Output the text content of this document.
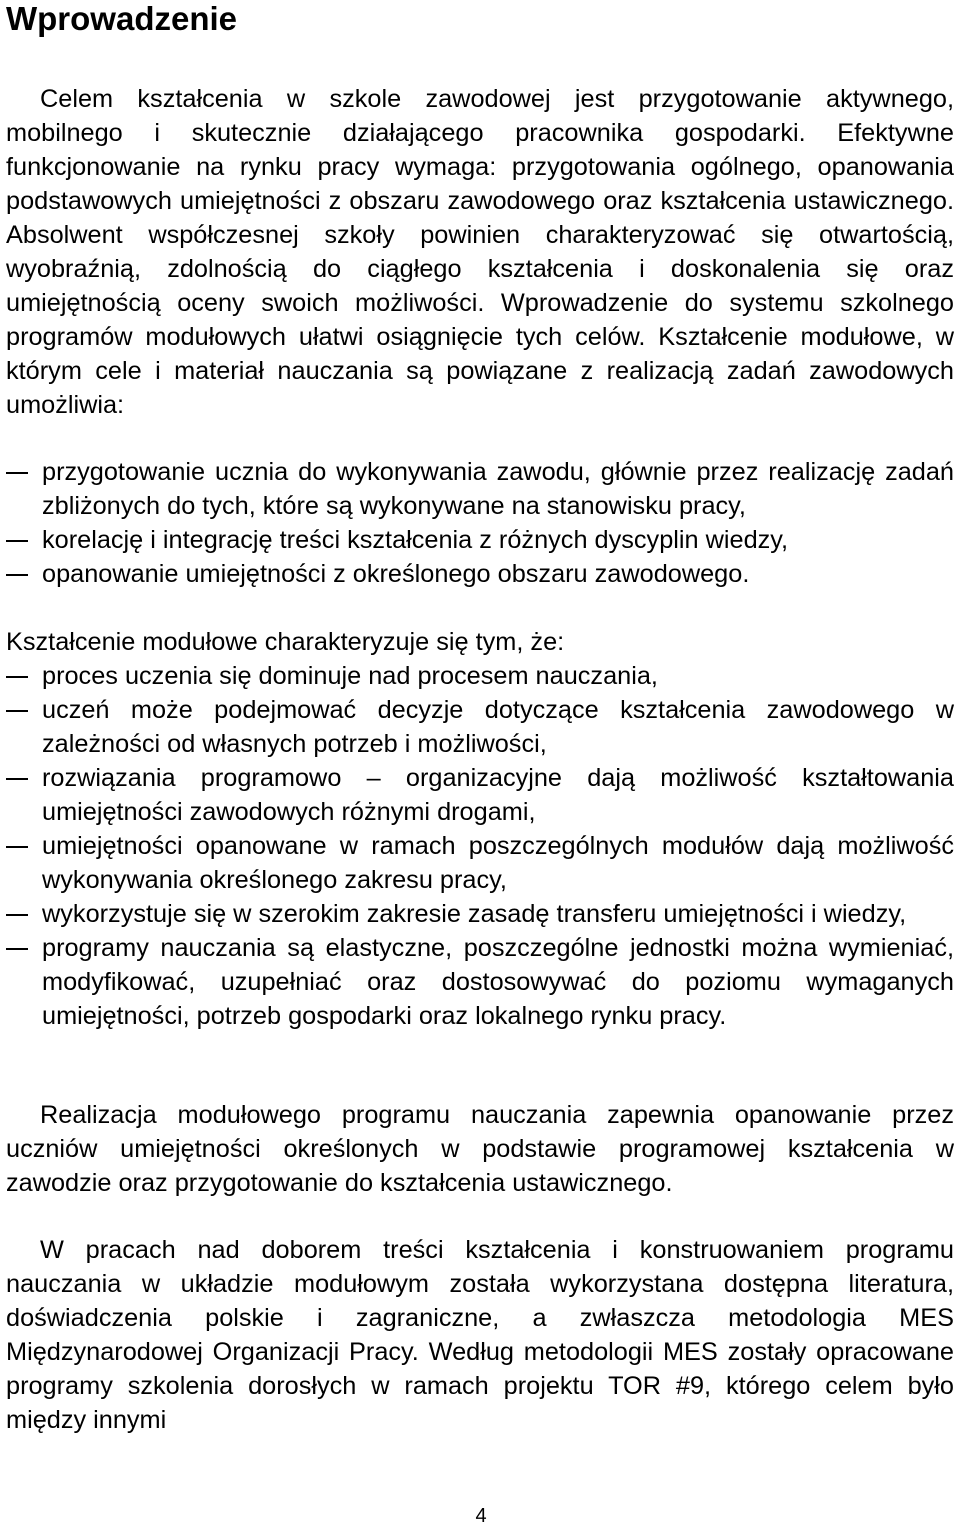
Wprowadzenie

Celem kształcenia w szkole zawodowej jest przygotowanie aktywnego, mobilnego i skutecznie działającego pracownika gospodarki. Efektywne funkcjonowanie na rynku pracy wymaga: przygotowania ogólnego, opanowania podstawowych umiejętności z obszaru zawodowego oraz kształcenia ustawicznego. Absolwent współczesnej szkoły powinien charakteryzować się otwartością, wyobraźnią, zdolnością do ciągłego kształcenia i doskonalenia się oraz umiejętnością oceny swoich możliwości. Wprowadzenie do systemu szkolnego programów modułowych ułatwi osiągnięcie tych celów. Kształcenie modułowe, w którym cele i materiał nauczania są powiązane z realizacją zadań zawodowych umożliwia:

przygotowanie ucznia do wykonywania zawodu, głównie przez realizację zadań zbliżonych do tych, które są wykonywane na stanowisku pracy,
korelację i integrację treści kształcenia z różnych dyscyplin wiedzy,
opanowanie umiejętności z określonego obszaru zawodowego.

Kształcenie modułowe charakteryzuje się tym, że:

proces uczenia się dominuje nad procesem nauczania,
uczeń może podejmować decyzje dotyczące kształcenia zawodowego w zależności od własnych potrzeb i możliwości,
rozwiązania programowo – organizacyjne dają możliwość kształtowania umiejętności zawodowych różnymi drogami,
umiejętności opanowane w ramach poszczególnych modułów dają możliwość wykonywania określonego zakresu pracy,
wykorzystuje się w szerokim zakresie zasadę transferu umiejętności i wiedzy,
programy nauczania są elastyczne, poszczególne jednostki można wymieniać, modyfikować, uzupełniać oraz dostosowywać do poziomu wymaganych umiejętności, potrzeb gospodarki oraz lokalnego rynku pracy.

Realizacja modułowego programu nauczania zapewnia opanowanie przez uczniów umiejętności określonych w podstawie programowej kształcenia w zawodzie oraz przygotowanie do kształcenia ustawicznego.

W pracach nad doborem treści kształcenia i konstruowaniem programu nauczania w układzie modułowym została wykorzystana dostępna literatura, doświadczenia polskie i zagraniczne, a zwłaszcza metodologia MES Międzynarodowej Organizacji Pracy. Według metodologii MES zostały opracowane programy szkolenia dorosłych w ramach projektu TOR #9, którego celem było między innymi

4
